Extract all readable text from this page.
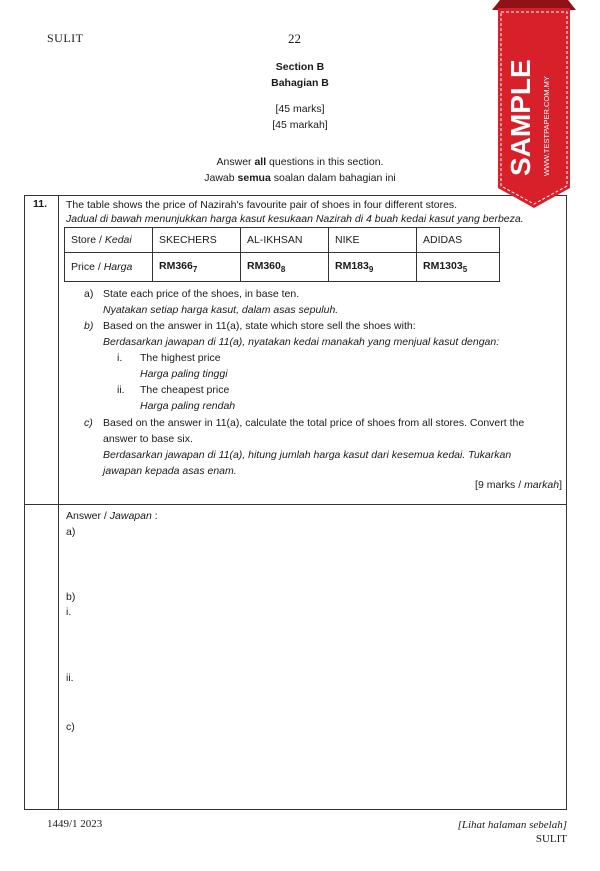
SULIT	22
Section B
Bahagian B
[45 marks]
[45 markah]
Answer all questions in this section.
Jawab semua soalan dalam bahagian ini
11. The table shows the price of Nazirah's favourite pair of shoes in four different stores.
Jadual di bawah menunjukkan harga kasut kesukaan Nazirah di 4 buah kedai kasut yang berbeza.
Store / Kedai	SKECHERS	AL-IKHSAN	NIKE	ADIDAS
Price / Harga	$RM366_7$	$RM360_8$	$RM183_9$	$RM1303_5$
a) State each price of the shoes, in base ten.
Nyatakan setiap harga kasut, dalam asas sepuluh.
b) Based on the answer in 11(a), state which store sell the shoes with:
Berdasarkan jawapan di 11(a), nyatakan kedai manakah yang menjual kasut dengan:
i. The highest price
Harga paling tinggi
ii. The cheapest price
Harga paling rendah
c) Based on the answer in 11(a), calculate the total price of shoes from all stores. Convert the
answer to base six.
Berdasarkan jawapan di 11(a), hitung jumlah harga kasut dari kesemua kedai. Tukarkan
jawapan kepada asas enam.
[9 marks / markah]
Answer / Jawapan :
a)
b)
i.
ii.
c)
1449/1 2023	[Lihat halaman sebelah]
SULIT
SAMPLE WWW.TESTPAPER.COM.MY
